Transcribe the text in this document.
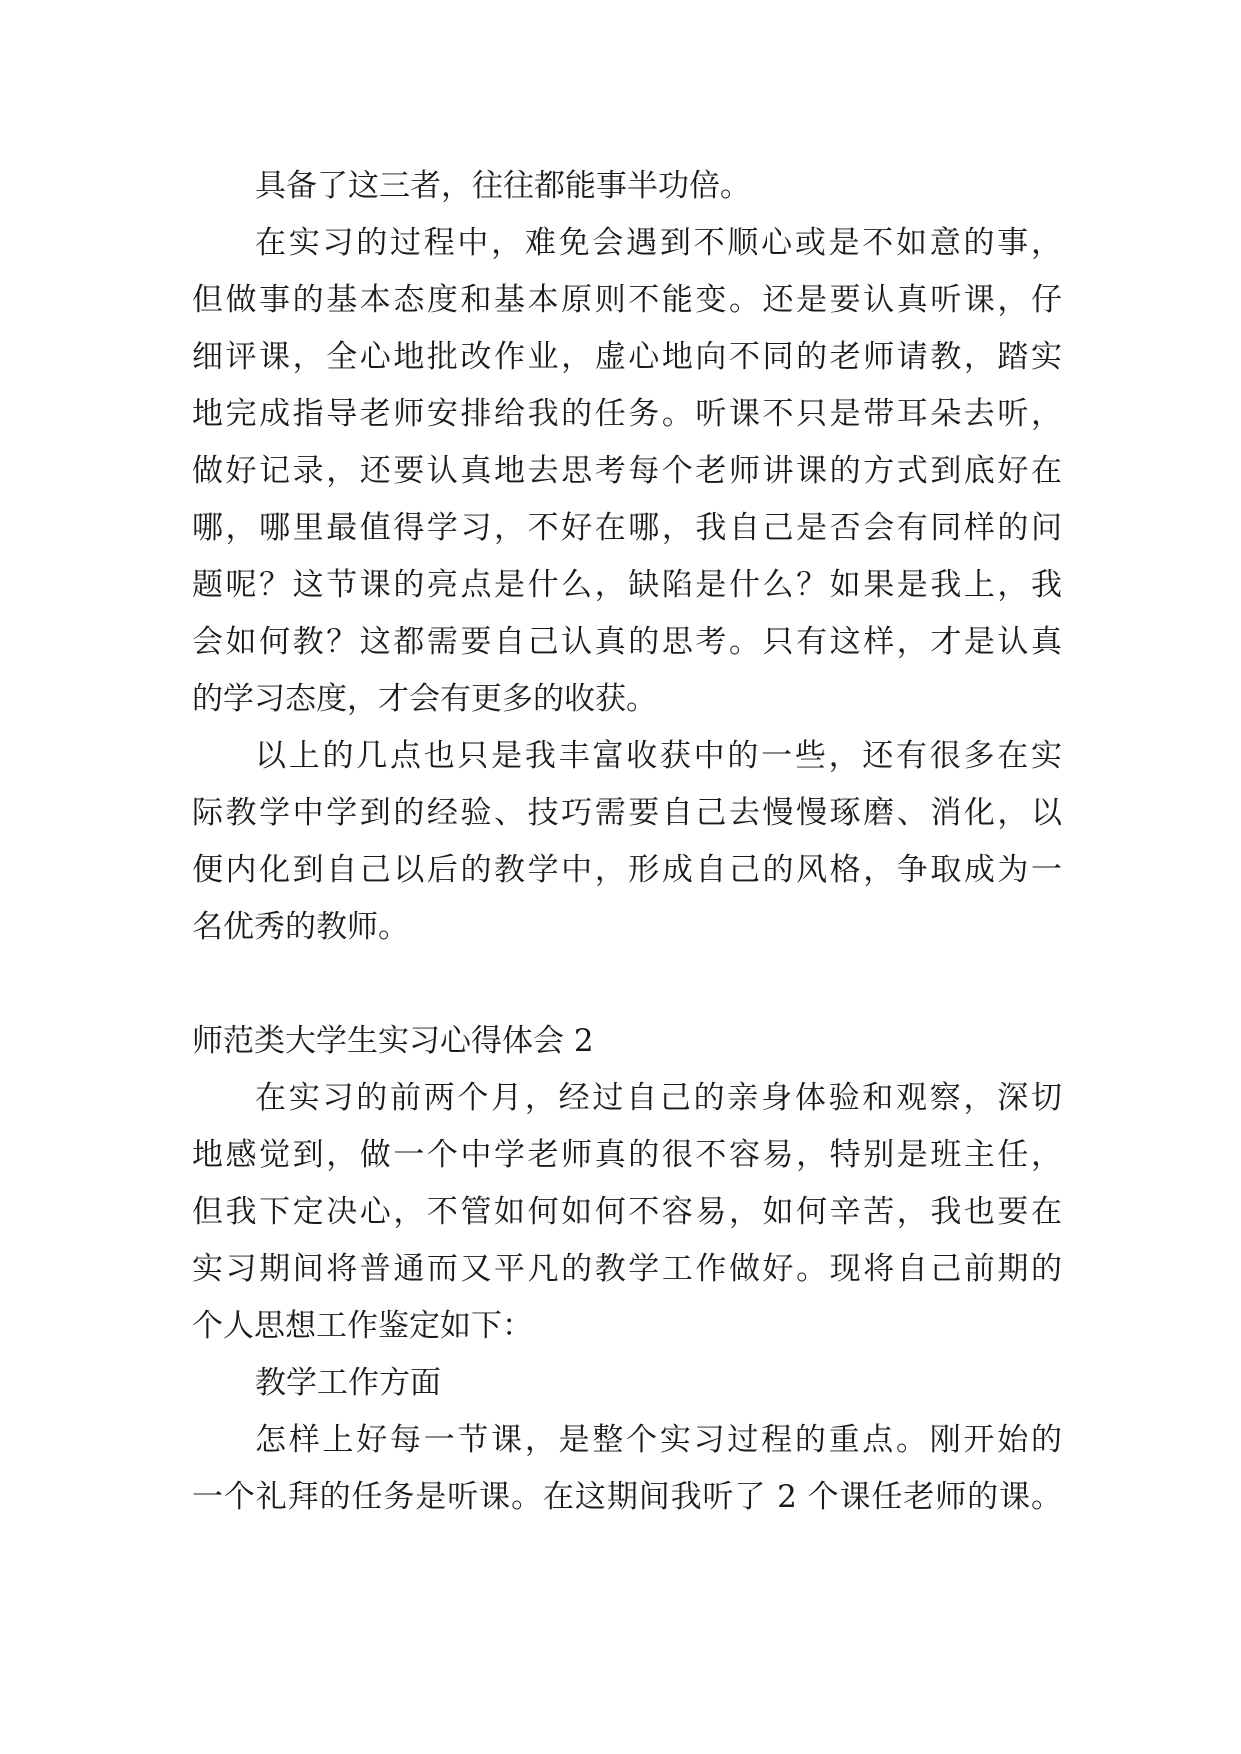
具备了这三者，往往都能事半功倍。
在实习的过程中，难免会遇到不顺心或是不如意的事，
但做事的基本态度和基本原则不能变。还是要认真听课，仔
细评课，全心地批改作业，虚心地向不同的老师请教，踏实
地完成指导老师安排给我的任务。听课不只是带耳朵去听，
做好记录，还要认真地去思考每个老师讲课的方式到底好在
哪，哪里最值得学习，不好在哪，我自己是否会有同样的问
题呢？这节课的亮点是什么，缺陷是什么？如果是我上，我
会如何教？这都需要自己认真的思考。只有这样，才是认真
的学习态度，才会有更多的收获。
以上的几点也只是我丰富收获中的一些，还有很多在实
际教学中学到的经验、技巧需要自己去慢慢琢磨、消化，以
便内化到自己以后的教学中，形成自己的风格，争取成为一
名优秀的教师。
师范类大学生实习心得体会 2
在实习的前两个月，经过自己的亲身体验和观察，深切
地感觉到，做一个中学老师真的很不容易，特别是班主任，
但我下定决心，不管如何如何不容易，如何辛苦，我也要在
实习期间将普通而又平凡的教学工作做好。现将自己前期的
个人思想工作鉴定如下：
教学工作方面
怎样上好每一节课，是整个实习过程的重点。刚开始的
一个礼拜的任务是听课。在这期间我听了 2 个课任老师的课。
